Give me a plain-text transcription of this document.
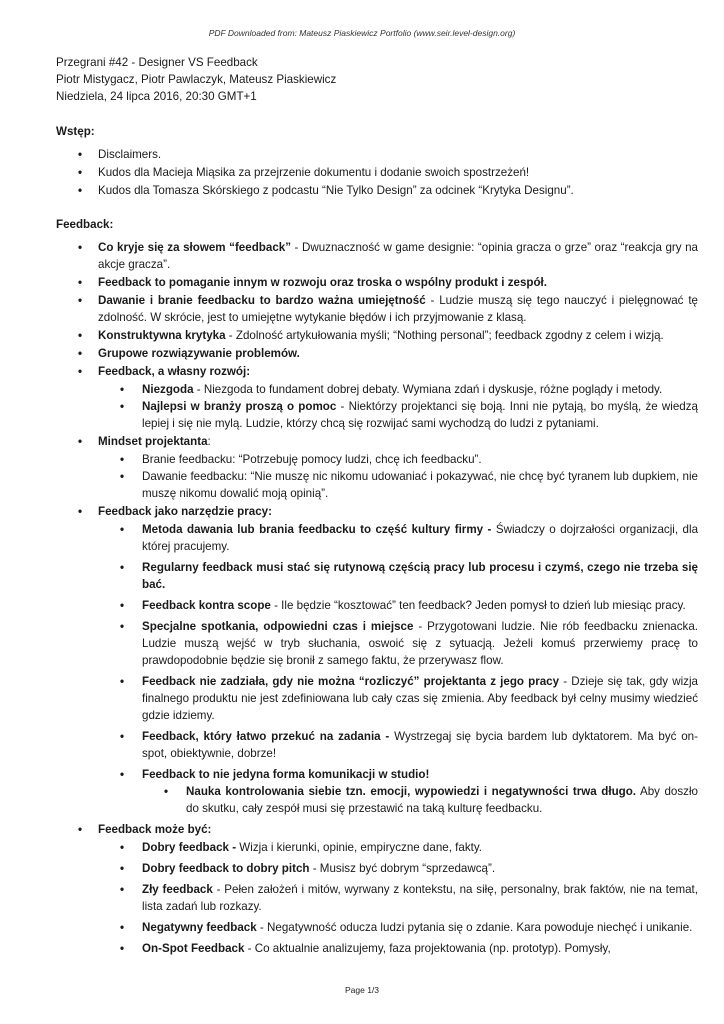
PDF Downloaded from: Mateusz Piaskiewicz Portfolio (www.seir.level-design.org)
Przegrani #42 - Designer VS Feedback
Piotr Mistygacz, Piotr Pawlaczyk, Mateusz Piaskiewicz
Niedziela, 24 lipca 2016, 20:30 GMT+1
Wstęp:
• Disclaimers.
• Kudos dla Macieja Miąsika za przejrzenie dokumentu i dodanie swoich spostrzeżeń!
• Kudos dla Tomasza Skórskiego z podcastu “Nie Tylko Design” za odcinek “Krytyka Designu”.
Feedback:
• Co kryje się za słowem “feedback” - Dwuznaczność w game designie: “opinia gracza o grze” oraz “reakcja gry na akcje gracza”.
• Feedback to pomaganie innym w rozwoju oraz troska o wspólny produkt i zespół.
• Dawanie i branie feedbacku to bardzo ważna umiejętność - Ludzie muszą się tego nauczyć i pielęgnować tę zdolność. W skrócie, jest to umiejętne wytykanie błędów i ich przyjmowanie z klasą.
• Konstruktywna krytyka - Zdolność artykułowania myśli; “Nothing personal”; feedback zgodny z celem i wizją.
• Grupowe rozwiązywanie problemów.
• Feedback, a własny rozwój:
• Niezgoda - Niezgoda to fundament dobrej debaty. Wymiana zdań i dyskusje, różne poglądy i metody.
• Najlepsi w branży proszą o pomoc - Niektórzy projektanci się boją. Inni nie pytają, bo myślą, że wiedzą lepiej i się nie mylą. Ludzie, którzy chcą się rozwijać sami wychodzą do ludzi z pytaniami.
• Mindset projektanta:
• Branie feedbacku: “Potrzebuję pomocy ludzi, chcę ich feedbacku”.
• Dawanie feedbacku: “Nie muszę nic nikomu udowaniać i pokazywać, nie chcę być tyranem lub dupkiem, nie muszę nikomu dowalić moją opinią”.
• Feedback jako narzędzie pracy:
• Metoda dawania lub brania feedbacku to część kultury firmy - Świadczy o dojrzałości organizacji, dla której pracujemy.
• Regularny feedback musi stać się rutynową częścią pracy lub procesu i czymś, czego nie trzeba się bać.
• Feedback kontra scope - Ile będzie “kosztować” ten feedback? Jeden pomysł to dzień lub miesiąc pracy.
• Specjalne spotkania, odpowiedni czas i miejsce - Przygotowani ludzie. Nie rób feedbacku znienacka. Ludzie muszą wejść w tryb słuchania, oswoić się z sytuacją. Jeżeli komuś przerwiemy pracę to prawdopodobnie będzie się bronił z samego faktu, że przerywasz flow.
• Feedback nie zadziała, gdy nie można “rozliczyć” projektanta z jego pracy - Dzieje się tak, gdy wizja finalnego produktu nie jest zdefiniowana lub cały czas się zmienia. Aby feedback był celny musimy wiedzieć gdzie idziemy.
• Feedback, który łatwo przekuć na zadania - Wystrzegaj się bycia bardem lub dyktatorem. Ma być on-spot, obiektywnie, dobrze!
• Feedback to nie jedyna forma komunikacji w studio!
• Nauka kontrolowania siebie tzn. emocji, wypowiedzi i negatywności trwa długo. Aby doszło do skutku, cały zespół musi się przestawić na taką kulturę feedbacku.
• Feedback może być:
• Dobry feedback - Wizja i kierunki, opinie, empiryczne dane, fakty.
• Dobry feedback to dobry pitch - Musisz być dobrym “sprzedawcą”.
• Zły feedback - Pełen założeń i mitów, wyrwany z kontekstu, na siłę, personalny, brak faktów, nie na temat, lista zadań lub rozkazy.
• Negatywny feedback - Negatywność oducza ludzi pytania się o zdanie. Kara powoduje niechęć i unikanie.
• On-Spot Feedback - Co aktualnie analizujemy, faza projektowania (np. prototyp). Pomysły,
Page 1/3
